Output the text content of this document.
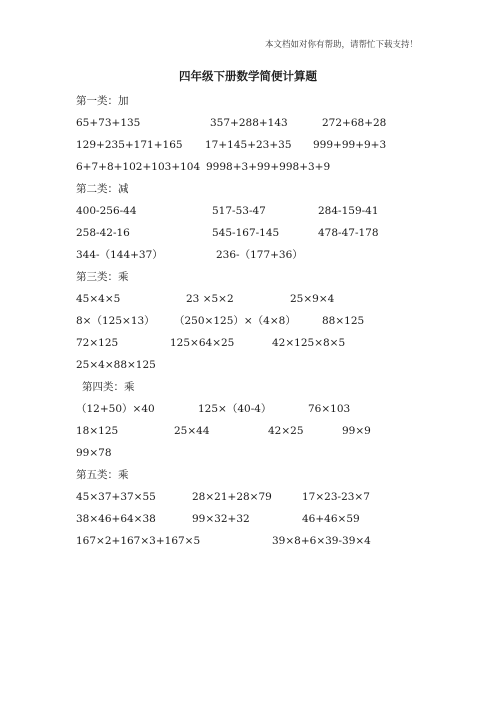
本文档如对你有帮助，请帮忙下载支持！
四年级下册数学简便计算题
第一类：加
65+73+135	357+288+143	272+68+28
129+235+171+165 17+145+23+35 999+99+9+3
6+7+8+102+103+104 9998+3+99+998+3+9
第二类：减
400-256-44	517-53-47	284-159-41
258-42-16	545-167-145	478-47-178
344-（144+37）	236-（177+36）
第三类：乘
45×4×5	23 ×5×2	25×9×4
8×（125×13） （250×125）×（4×8） 88×125
72×125	125×64×25	42×125×8×5
25×4×88×125
第四类：乘
（12+50）×40	125×（40-4）	76×103
18×125	25×44	42×25	99×9
99×78
第五类：乘
45×37+37×55	28×21+28×79	17×23-23×7
38×46+64×38	99×32+32	46+46×59
167×2+167×3+167×5	39×8+6×39-39×4
